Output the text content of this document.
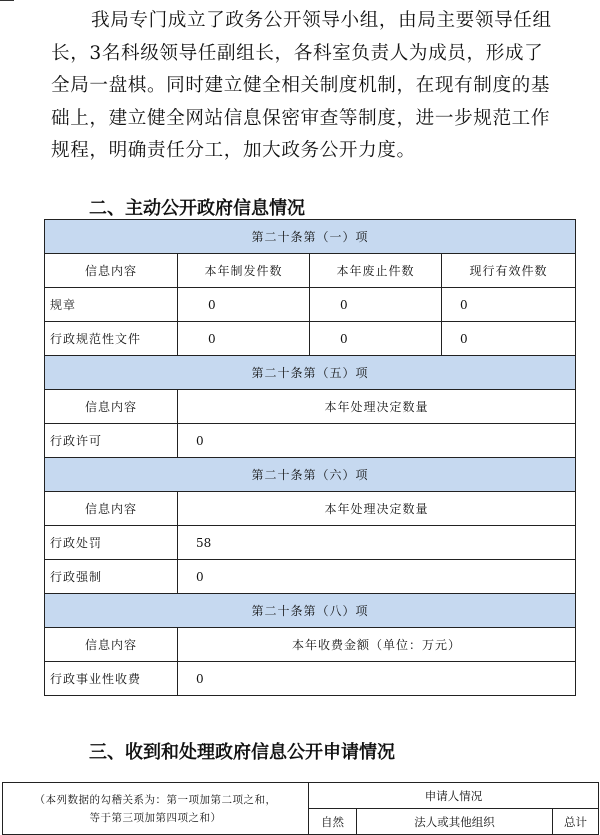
我局专门成立了政务公开领导小组，由局主要领导任组
长，3名科级领导任副组长，各科室负责人为成员，形成了
全局一盘棋。同时建立健全相关制度机制，在现有制度的基
础上，建立健全网站信息保密审查等制度，进一步规范工作
规程，明确责任分工，加大政务公开力度。
二、主动公开政府信息情况
第二十条第（一）项			
信息内容	本年制发件数	本年废止件数	现行有效件数
规章	0	0	0
行政规范性文件	0	0	0
第二十条第（五）项			
信息内容	本年处理决定数量		
行政许可	0		
第二十条第（六）项			
信息内容	本年处理决定数量		
行政处罚	58		
行政强制	0		
第二十条第（八）项			
信息内容	本年收费金额（单位：万元）		
行政事业性收费	0		
三、收到和处理政府信息公开申请情况
（本列数据的勾稽关系为：第一项加第二项之和，
等于第三项加第四项之和）	申请人情况		
	自然	法人或其他组织	总计
